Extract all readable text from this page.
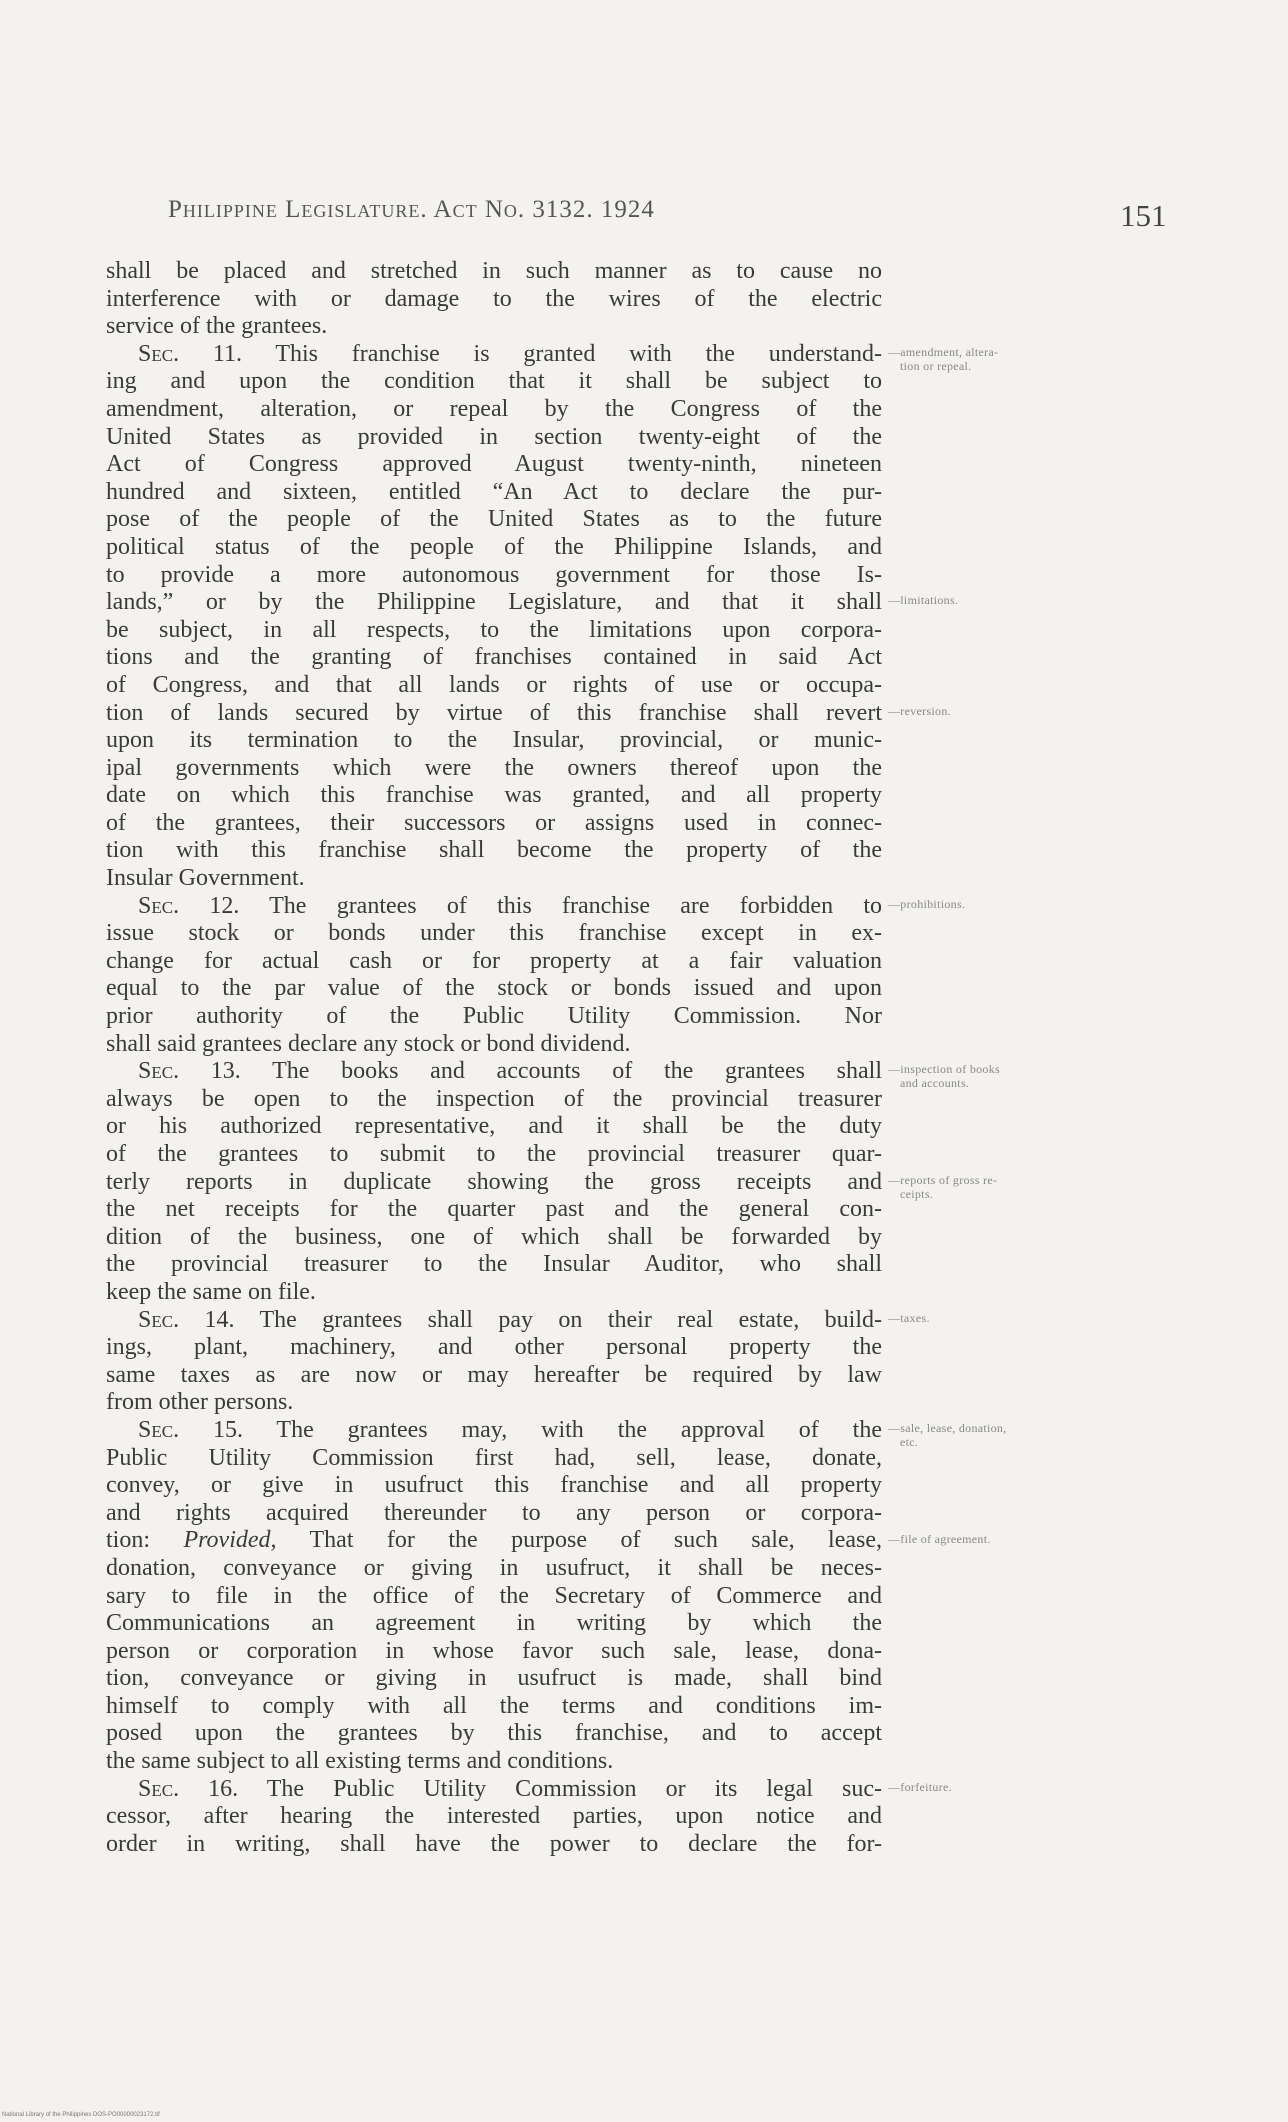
Philippine Legislature. Act No. 3132. 1924	151
shall be placed and stretched in such manner as to cause no
interference with or damage to the wires of the electric
service of the grantees.
Sec. 11. This franchise is granted with the understand-
ing and upon the condition that it shall be subject to
amendment, alteration, or repeal by the Congress of the
United States as provided in section twenty-eight of the
Act of Congress approved August twenty-ninth, nineteen
hundred and sixteen, entitled “An Act to declare the pur-
pose of the people of the United States as to the future
political status of the people of the Philippine Islands, and
to provide a more autonomous government for those Is-
lands,” or by the Philippine Legislature, and that it shall
be subject, in all respects, to the limitations upon corpora-
tions and the granting of franchises contained in said Act
of Congress, and that all lands or rights of use or occupa-
tion of lands secured by virtue of this franchise shall revert
upon its termination to the Insular, provincial, or munic-
ipal governments which were the owners thereof upon the
date on which this franchise was granted, and all property
of the grantees, their successors or assigns used in connec-
tion with this franchise shall become the property of the
Insular Government.
Sec. 12. The grantees of this franchise are forbidden to
issue stock or bonds under this franchise except in ex-
change for actual cash or for property at a fair valuation
equal to the par value of the stock or bonds issued and upon
prior authority of the Public Utility Commission. Nor
shall said grantees declare any stock or bond dividend.
Sec. 13. The books and accounts of the grantees shall
always be open to the inspection of the provincial treasurer
or his authorized representative, and it shall be the duty
of the grantees to submit to the provincial treasurer quar-
terly reports in duplicate showing the gross receipts and
the net receipts for the quarter past and the general con-
dition of the business, one of which shall be forwarded by
the provincial treasurer to the Insular Auditor, who shall
keep the same on file.
Sec. 14. The grantees shall pay on their real estate, build-
ings, plant, machinery, and other personal property the
same taxes as are now or may hereafter be required by law
from other persons.
Sec. 15. The grantees may, with the approval of the
Public Utility Commission first had, sell, lease, donate,
convey, or give in usufruct this franchise and all property
and rights acquired thereunder to any person or corpora-
tion: Provided, That for the purpose of such sale, lease,
donation, conveyance or giving in usufruct, it shall be neces-
sary to file in the office of the Secretary of Commerce and
Communications an agreement in writing by which the
person or corporation in whose favor such sale, lease, dona-
tion, conveyance or giving in usufruct is made, shall bind
himself to comply with all the terms and conditions im-
posed upon the grantees by this franchise, and to accept
the same subject to all existing terms and conditions.
Sec. 16. The Public Utility Commission or its legal suc-
cessor, after hearing the interested parties, upon notice and
order in writing, shall have the power to declare the for-
—amendment, altera-
tion or repeal.
—limitations.
—reversion.
—prohibitions.
—inspection of books
and accounts.
—reports of gross re-
ceipts.
—taxes.
—sale, lease, donation,
etc.
—file of agreement.
—forfeiture.
National Library of the Philippines DOS-PO00000023172.tif
